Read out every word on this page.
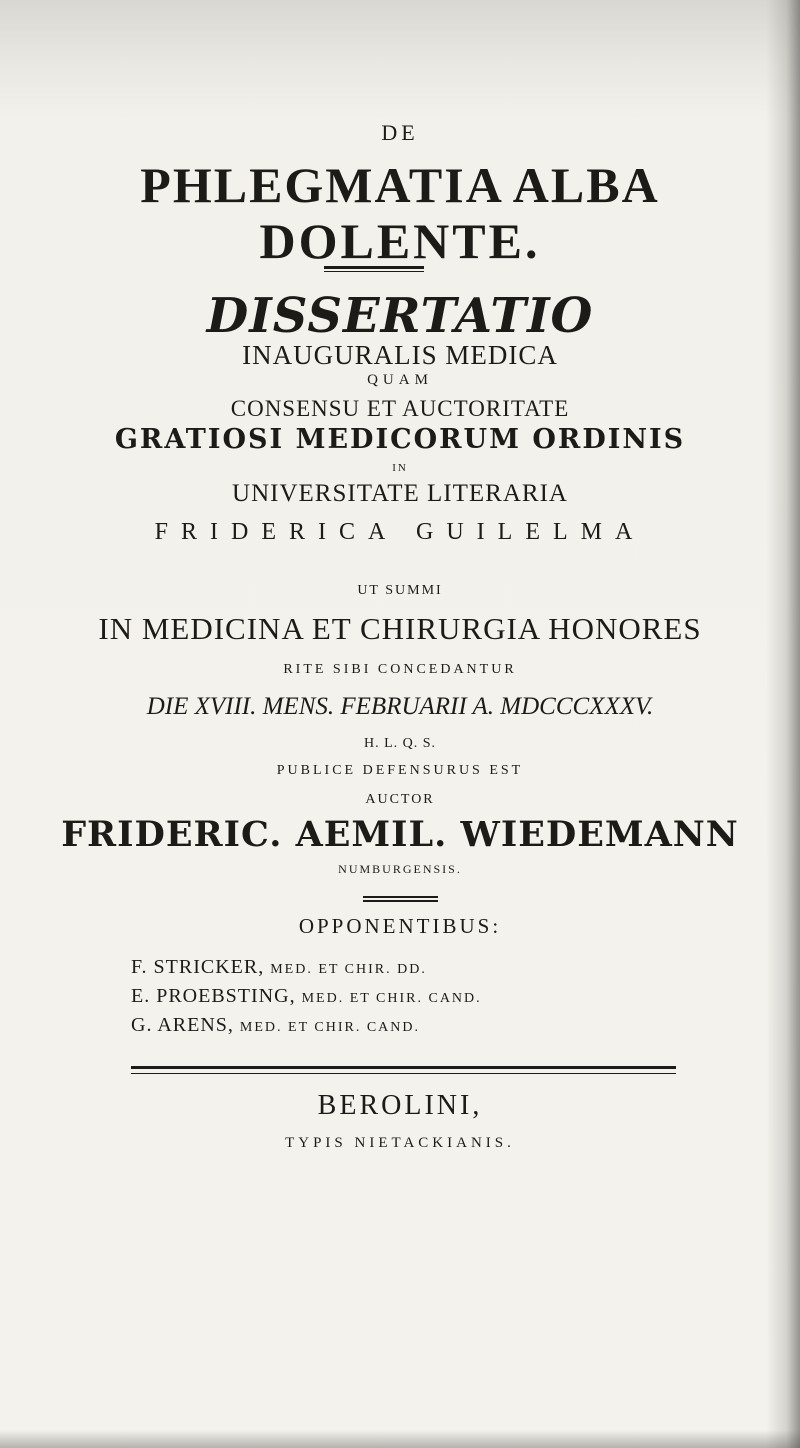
DE
PHLEGMATIA ALBA
DOLENTE.
DISSERTATIO
INAUGURALIS MEDICA
QUAM
CONSENSU ET AUCTORITATE
GRATIOSI MEDICORUM ORDINIS
IN
UNIVERSITATE LITERARIA
FRIDERICA GUILELMA
UT SUMMI
IN MEDICINA ET CHIRURGIA HONORES
RITE SIBI CONCEDANTUR
DIE XVIII. MENS. FEBRUARII A. MDCCCXXXV.
H. L. Q. S.
PUBLICE DEFENSURUS EST
AUCTOR
FRIDERIC. AEMIL. WIEDEMANN
NUMBURGENSIS.
OPPONENTIBUS:
F. STRICKER, MED. ET CHIR. DD.
E. PROEBSTING, MED. ET CHIR. CAND.
G. ARENS, MED. ET CHIR. CAND.
BEROLINI,
TYPIS NIETACKIANIS.
